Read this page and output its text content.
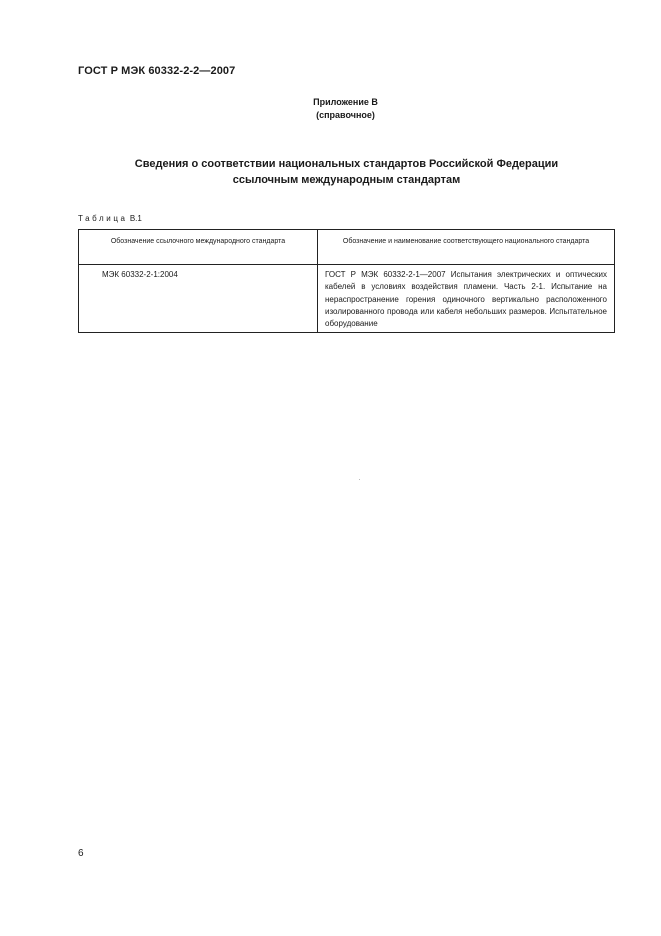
ГОСТ Р МЭК 60332-2-2—2007
Приложение В
(справочное)
Сведения о соответствии национальных стандартов Российской Федерации
ссылочным международным стандартам
Таблица В.1
Обозначение ссылочного международного стандарта	Обозначение и наименование соответствующего национального стандарта
МЭК 60332-2-1:2004	ГОСТ Р МЭК 60332-2-1—2007 Испытания электрических и оптических кабелей в условиях воздействия пламени. Часть 2-1. Испытание на нераспространение горения одиночного вертикально расположенного изолированного провода или кабеля небольших размеров. Испытательное оборудование
6
